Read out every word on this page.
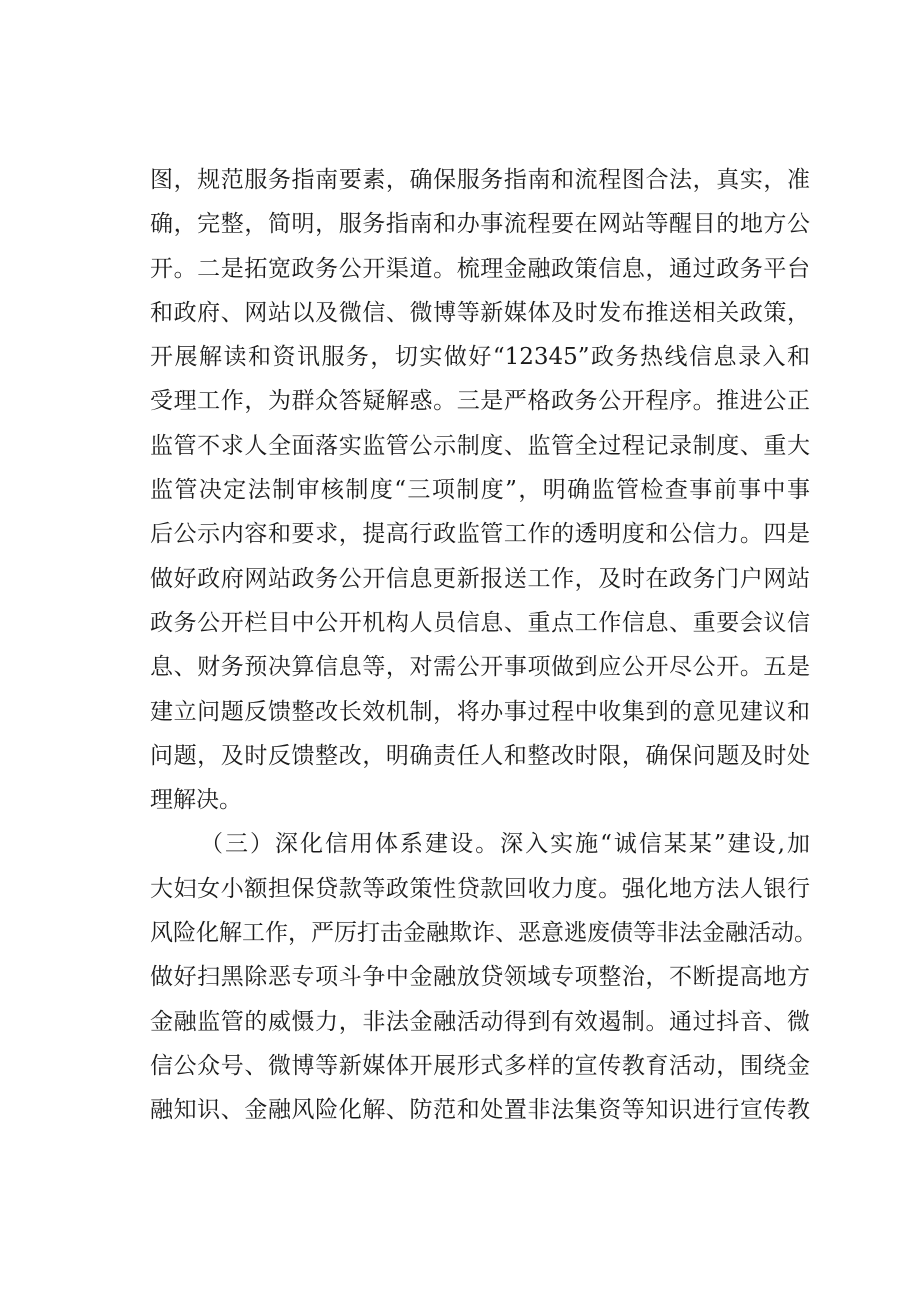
图，规范服务指南要素，确保服务指南和流程图合法，真实，准
确，完整，简明，服务指南和办事流程要在网站等醒目的地方公
开。二是拓宽政务公开渠道。梳理金融政策信息，通过政务平台
和政府、网站以及微信、微博等新媒体及时发布推送相关政策，
开展解读和资讯服务，切实做好“12345”政务热线信息录入和
受理工作，为群众答疑解惑。三是严格政务公开程序。推进公正
监管不求人全面落实监管公示制度、监管全过程记录制度、重大
监管决定法制审核制度“三项制度”，明确监管检查事前事中事
后公示内容和要求，提高行政监管工作的透明度和公信力。四是
做好政府网站政务公开信息更新报送工作，及时在政务门户网站
政务公开栏目中公开机构人员信息、重点工作信息、重要会议信
息、财务预决算信息等，对需公开事项做到应公开尽公开。五是
建立问题反馈整改长效机制，将办事过程中收集到的意见建议和
问题，及时反馈整改，明确责任人和整改时限，确保问题及时处
理解决。
（三）深化信用体系建设。深入实施“诚信某某”建设,加
大妇女小额担保贷款等政策性贷款回收力度。强化地方法人银行
风险化解工作，严厉打击金融欺诈、恶意逃废债等非法金融活动。
做好扫黑除恶专项斗争中金融放贷领域专项整治，不断提高地方
金融监管的威慑力，非法金融活动得到有效遏制。通过抖音、微
信公众号、微博等新媒体开展形式多样的宣传教育活动，围绕金
融知识、金融风险化解、防范和处置非法集资等知识进行宣传教
